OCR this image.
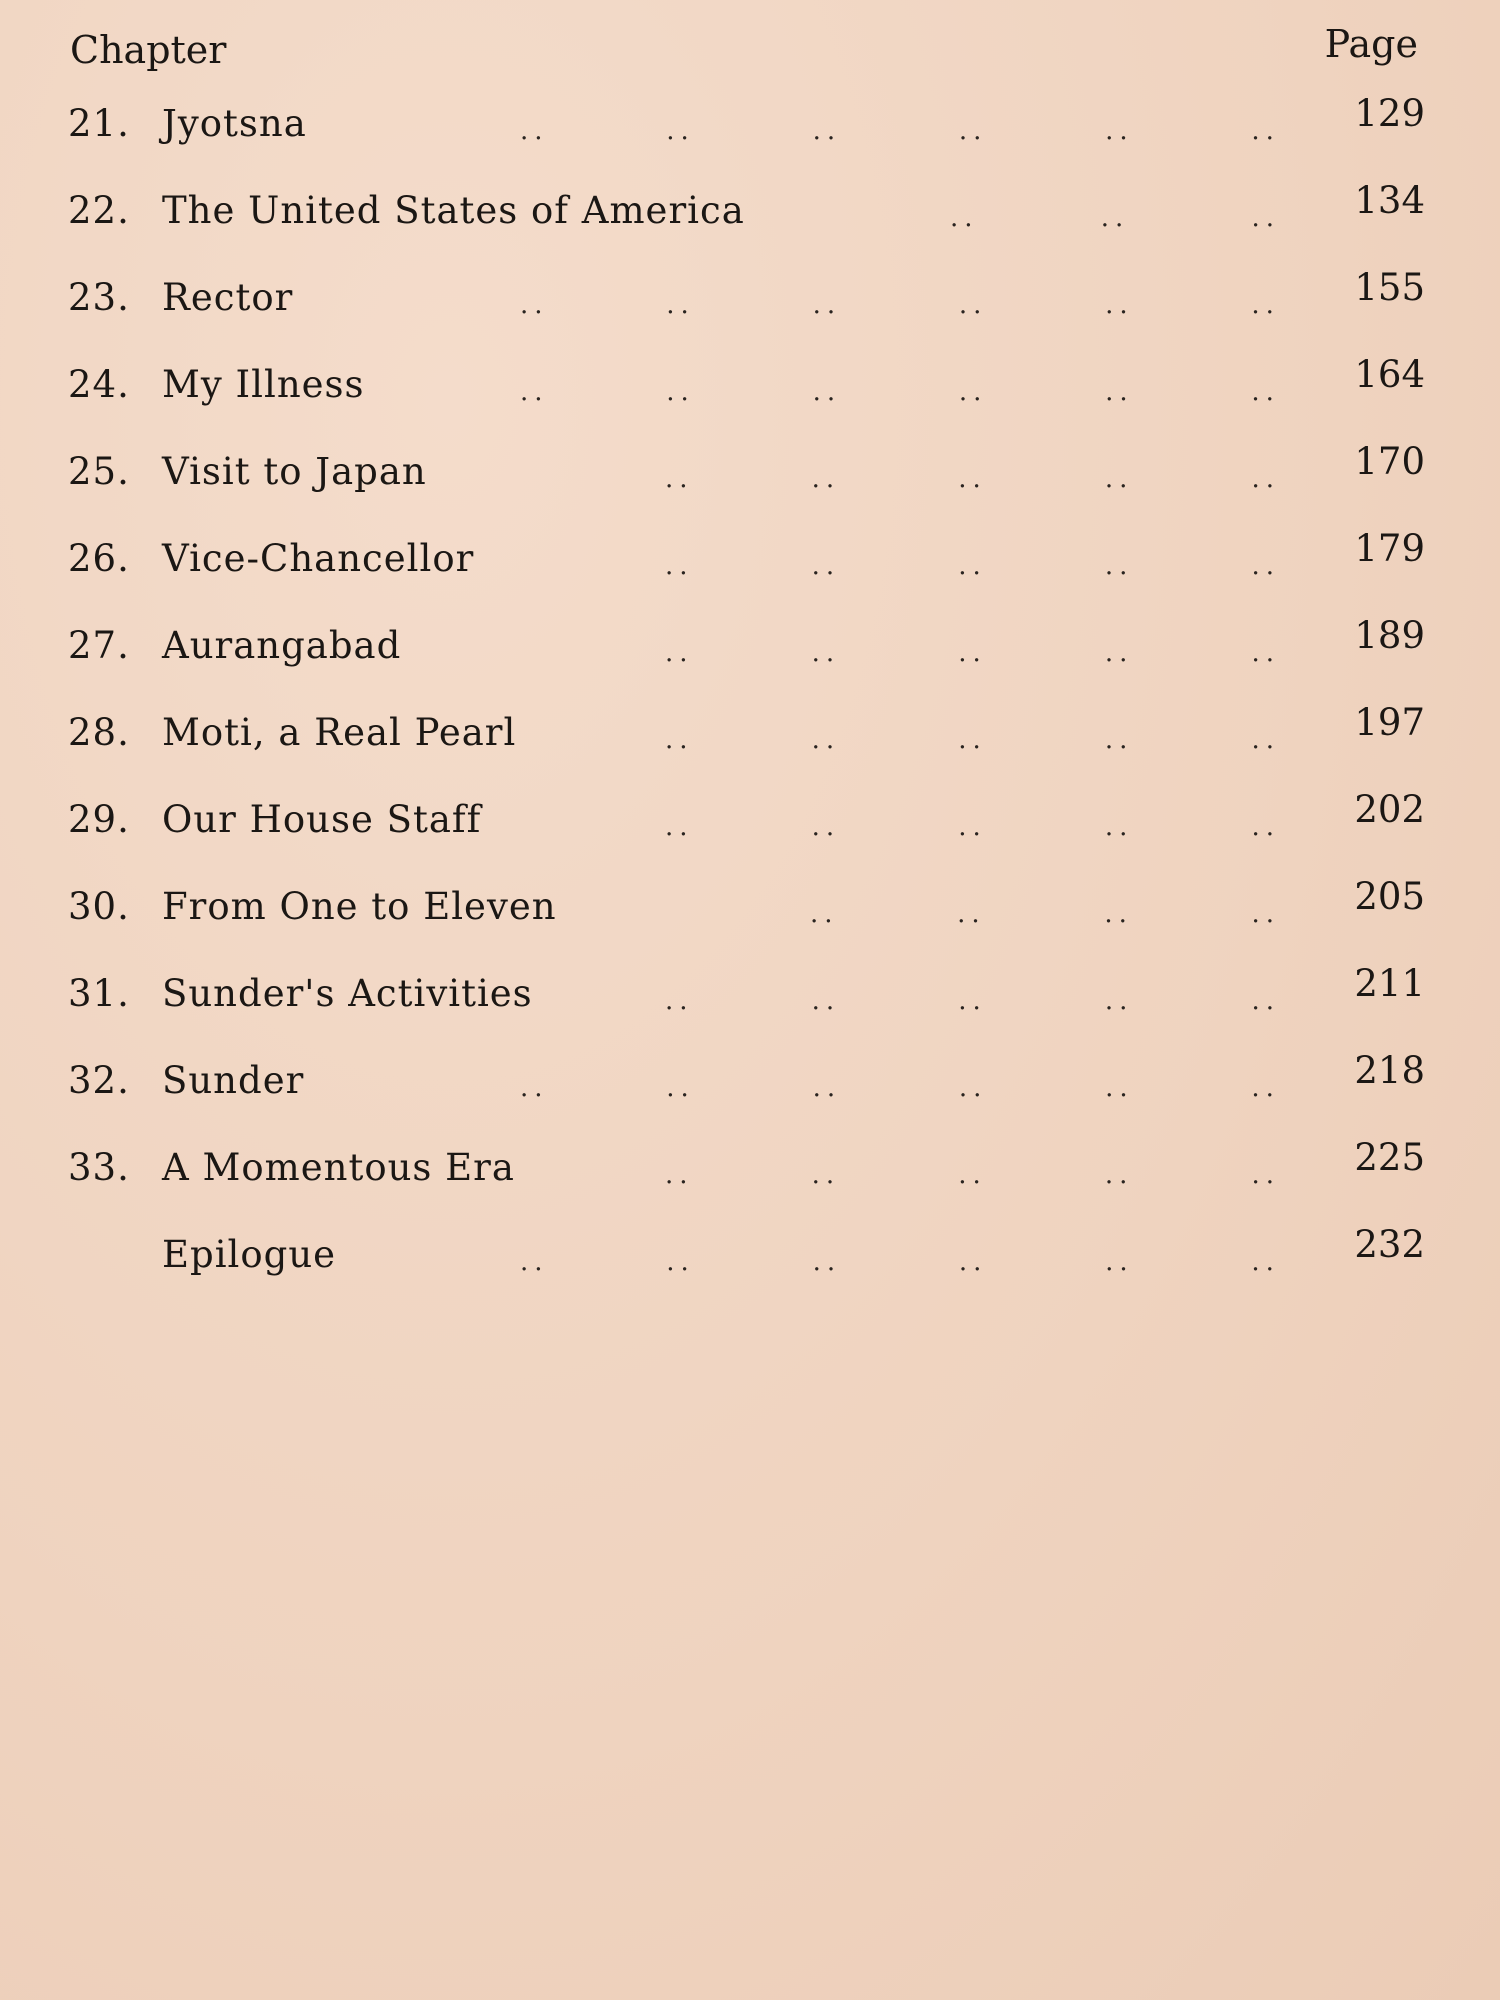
Chapter	Page
21. Jyotsna	..	..	..	..	..	.. 129
22. The United States of America	..	..	.. 134
23. Rector	..	..	..	..	..	.. 155
24. My Illness	..	..	..	..	..	.. 164
25. Visit to Japan	..	..	..	..	.. 170
26. Vice-Chancellor	..	..	..	..	.. 179
27. Aurangabad	..	..	..	..	.. 189
28. Moti, a Real Pearl	..	..	..	..	.. 197
29. Our House Staff	..	..	..	..	.. 202
30. From One to Eleven	..	..	..	.. 205
31. Sunder's Activities	..	..	..	..	.. 211
32. Sunder	..	..	..	..	..	.. 218
33. A Momentous Era	..	..	..	..	.. 225
Epilogue	..	..	..	..	..	.. 232
